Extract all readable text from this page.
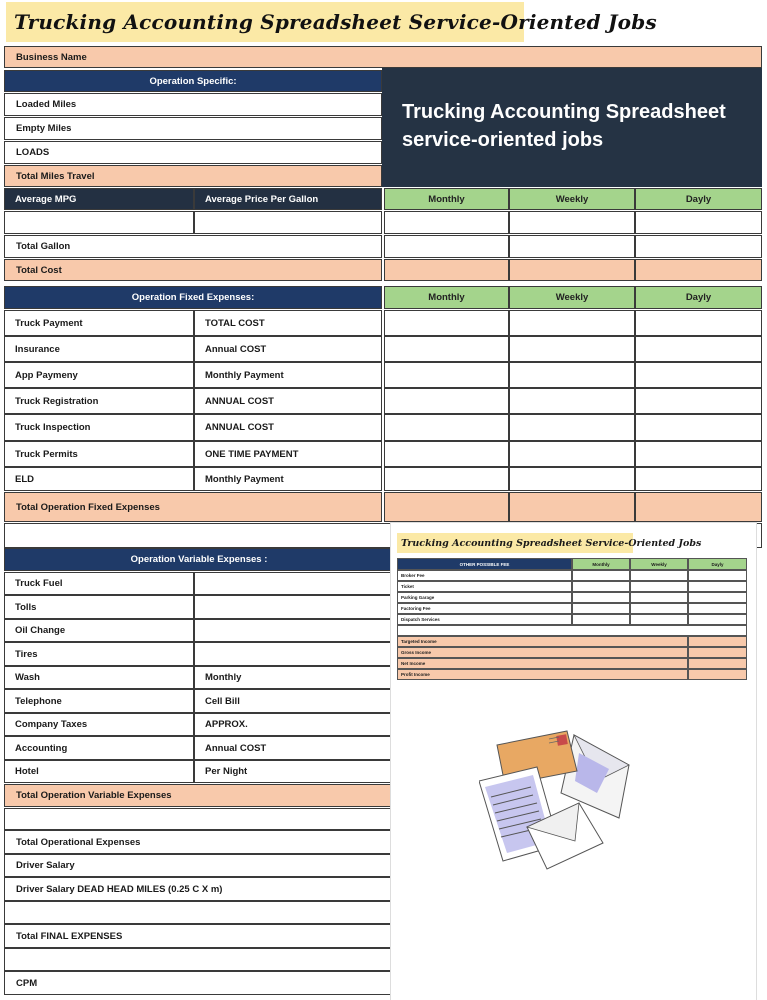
Trucking Accounting Spreadsheet Service-Oriented Jobs
Business Name
Operation Specific:
Loaded Miles
Empty Miles
LOADS
Total Miles Travel
Average MPG	Average Price Per Gallon	Monthly	Weekly	Dayly
Total Gallon
Total Cost
Operation Fixed Expenses:	Monthly	Weekly	Dayly
Truck Payment	TOTAL COST
Insurance	Annual COST
App Paymeny	Monthly Payment
Truck Registration	ANNUAL COST
Truck Inspection	ANNUAL COST
Truck Permits	ONE TIME PAYMENT
ELD	Monthly Payment
Total Operation Fixed Expenses
Operation Variable Expenses :
Truck Fuel
Tolls
Oil Change
Tires
Wash	Monthly
Telephone	Cell Bill
Company Taxes	APPROX.
Accounting	Annual COST
Hotel	Per Night
Total Operation Variable Expenses
Total Operational Expenses
Driver Salary
Driver Salary DEAD HEAD MILES (0.25 C X m)
Total FINAL EXPENSES
CPM
Trucking Accounting Spreadsheet
service-oriented jobs
Trucking Accounting Spreadsheet Service-Oriented Jobs
OTHER POSSIBLE FEE	Monthly	Weekly	Dayly
Broker Fee
Ticket
Parking Garage
Factoring Fee
Dispatch Services
Targeted Income
Gross Income
Net Income
Profit Income
